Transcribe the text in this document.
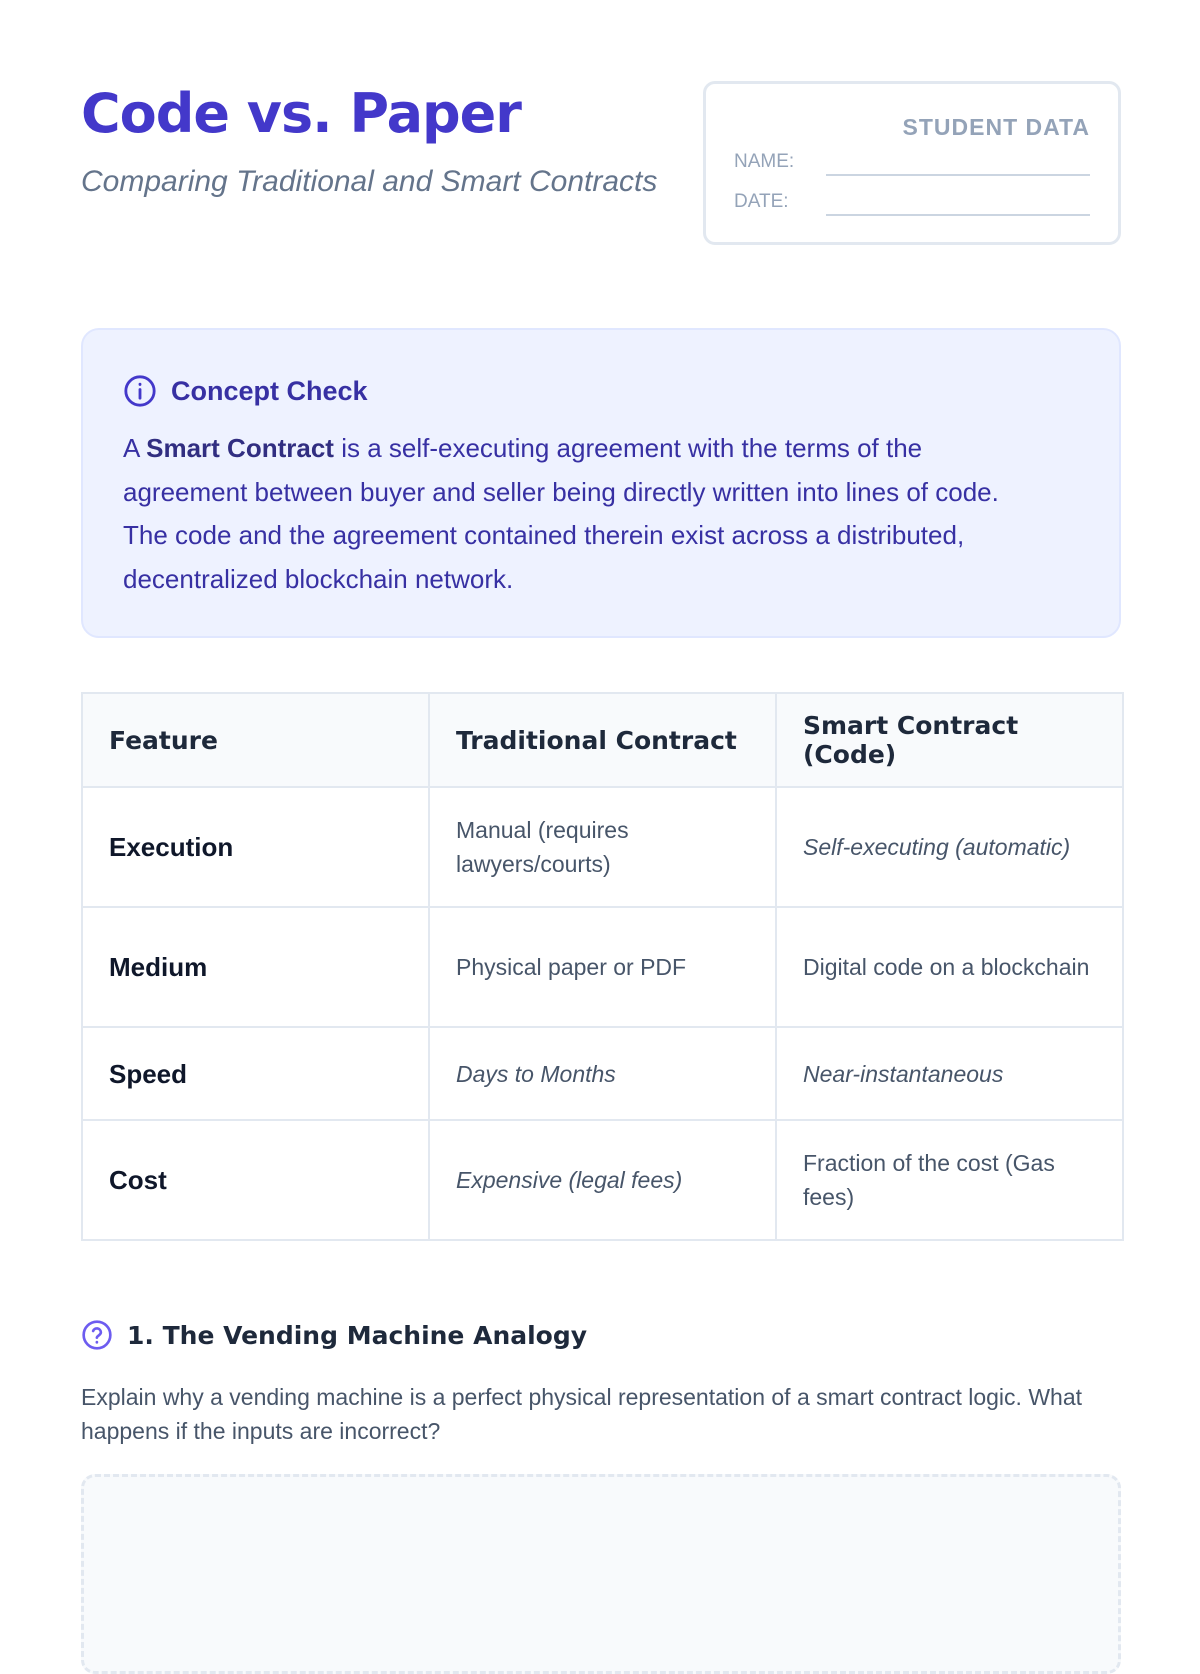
Code vs. Paper

Comparing Traditional and Smart Contracts

STUDENT DATA
NAME:
DATE:
Concept Check
A Smart Contract is a self-executing agreement with the terms of the agreement between buyer and seller being directly written into lines of code. The code and the agreement contained therein exist across a distributed, decentralized blockchain network.
Feature	Traditional Contract	Smart Contract (Code)
Execution	Manual (requires lawyers/courts)	Self-executing (automatic)
Medium	Physical paper or PDF	Digital code on a blockchain
Speed	Days to Months	Near-instantaneous
Cost	Expensive (legal fees)	Fraction of the cost (Gas fees)
1. The Vending Machine Analogy
Explain why a vending machine is a perfect physical representation of a smart contract logic. What happens if the inputs are incorrect?
